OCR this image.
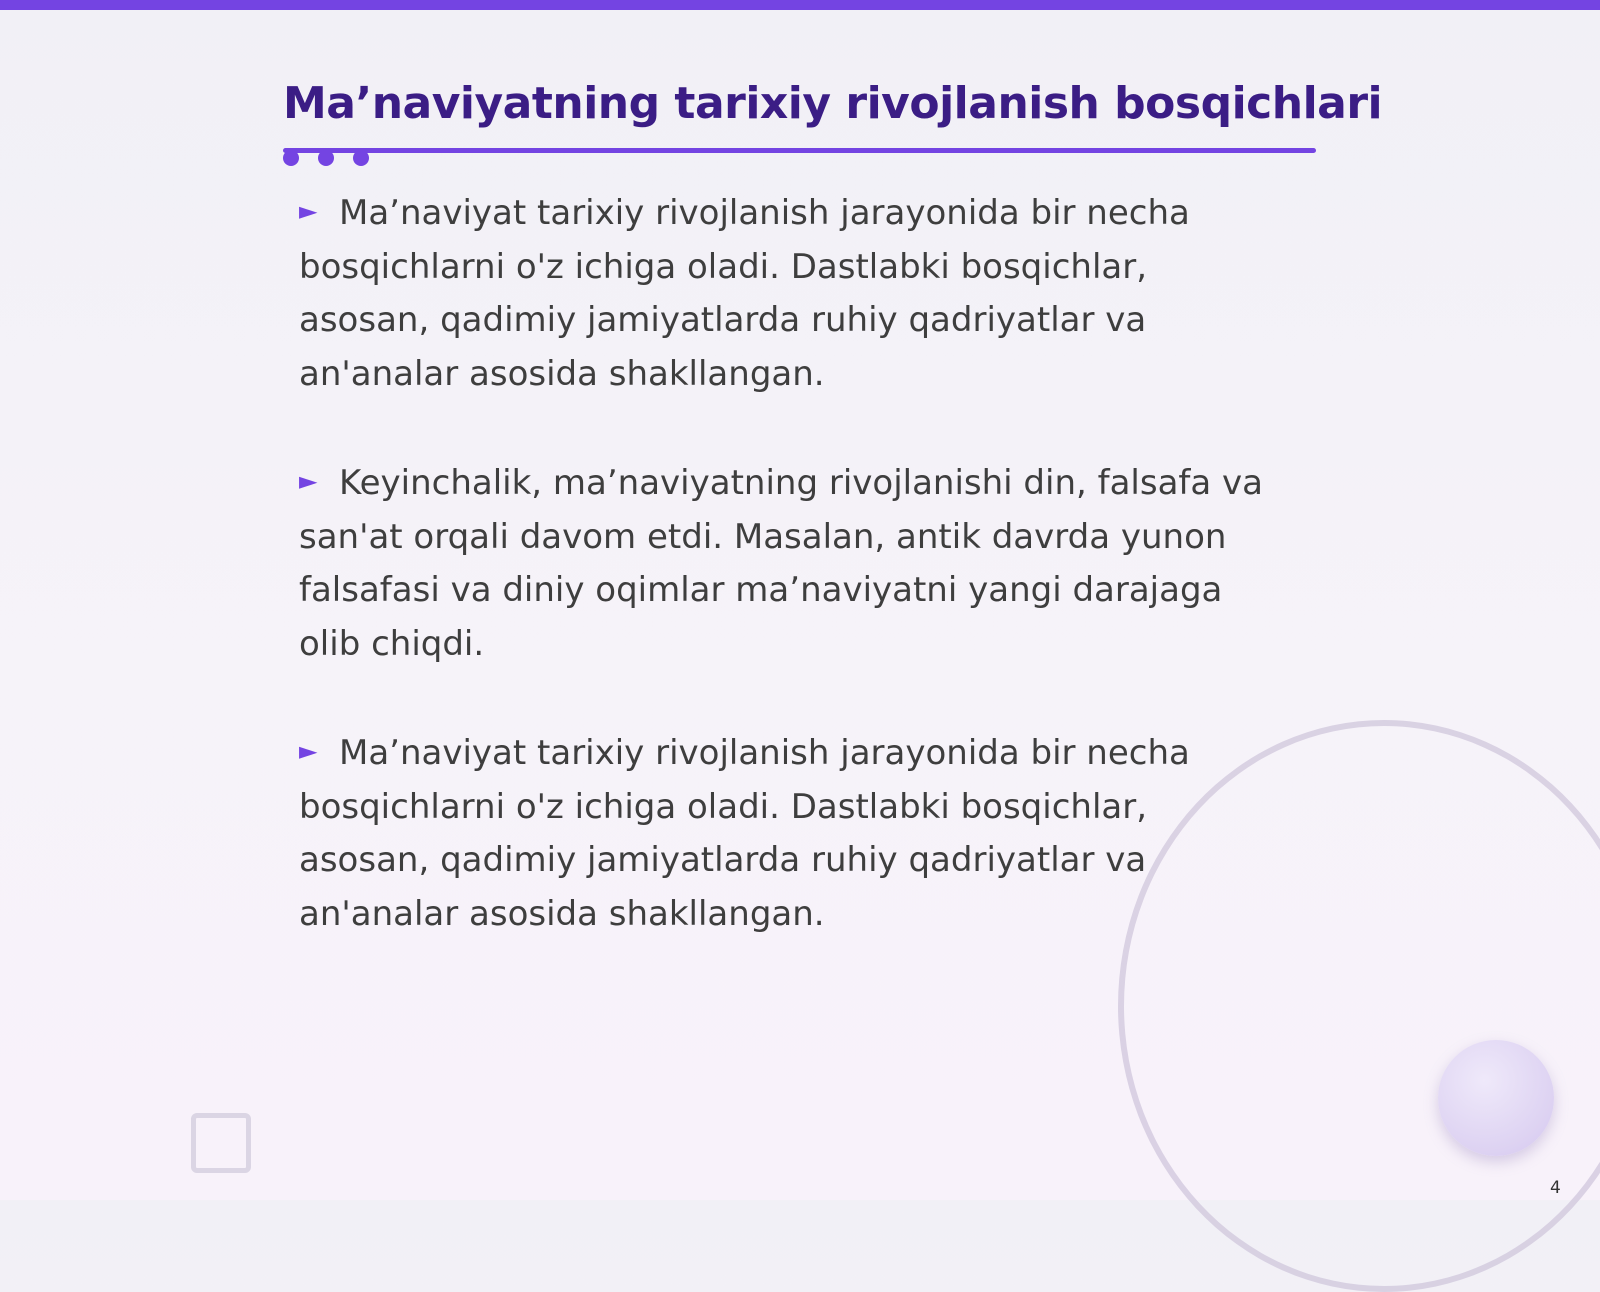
Ma’naviyatning tarixiy rivojlanish bosqichlari

► Ma’naviyat tarixiy rivojlanish jarayonida bir necha bosqichlarni o'z ichiga oladi. Dastlabki bosqichlar, asosan, qadimiy jamiyatlarda ruhiy qadriyatlar va an'analar asosida shakllangan.

► Keyinchalik, ma’naviyatning rivojlanishi din, falsafa va san'at orqali davom etdi. Masalan, antik davrda yunon falsafasi va diniy oqimlar ma’naviyatni yangi darajaga olib chiqdi.

► Ma’naviyat tarixiy rivojlanish jarayonida bir necha bosqichlarni o'z ichiga oladi. Dastlabki bosqichlar, asosan, qadimiy jamiyatlarda ruhiy qadriyatlar va an'analar asosida shakllangan.

4
